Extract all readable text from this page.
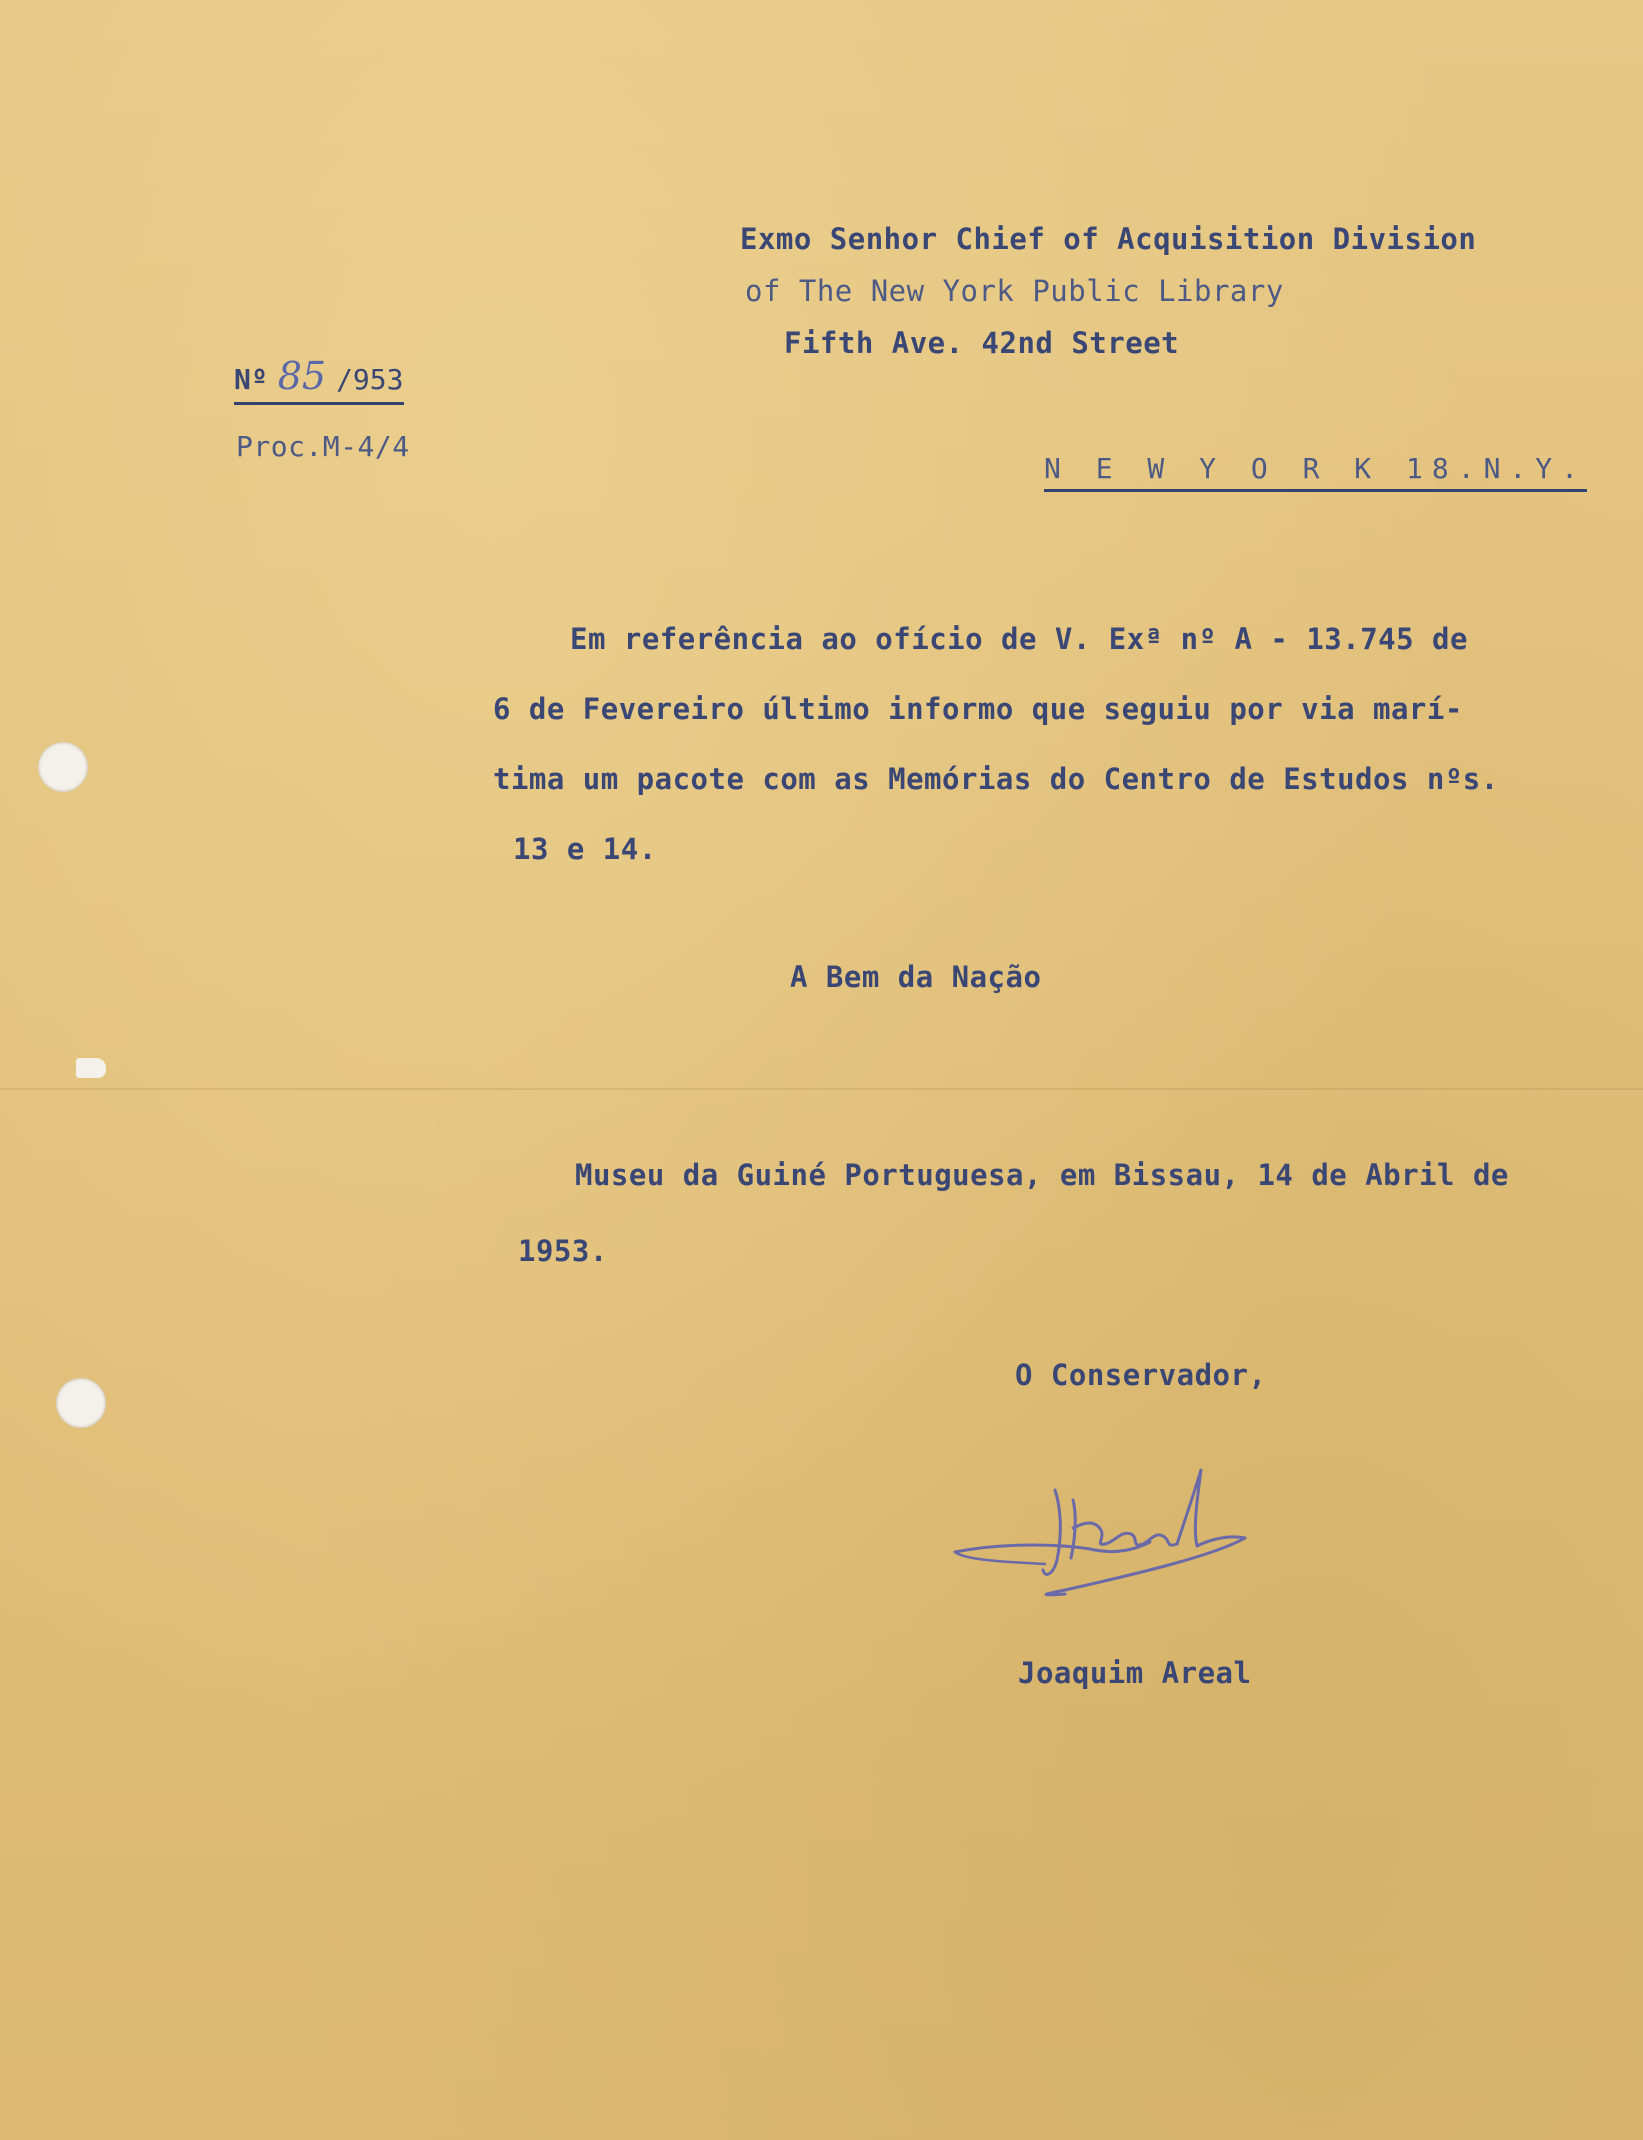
Exmo Senhor Chief of Acquisition Division

of The New York Public Library

Fifth Ave. 42nd Street

Nº 85 /953

Proc.M-4/4

N E W Y O R K 18.N.Y.

Em referência ao ofício de V. Exª nº A - 13.745 de

6 de Fevereiro último informo que seguiu por via marí-

tima um pacote com as Memórias do Centro de Estudos nºs.

13 e 14.

A Bem da Nação

Museu da Guiné Portuguesa, em Bissau, 14 de Abril de

1953.

O Conservador,

Joaquim Areal
